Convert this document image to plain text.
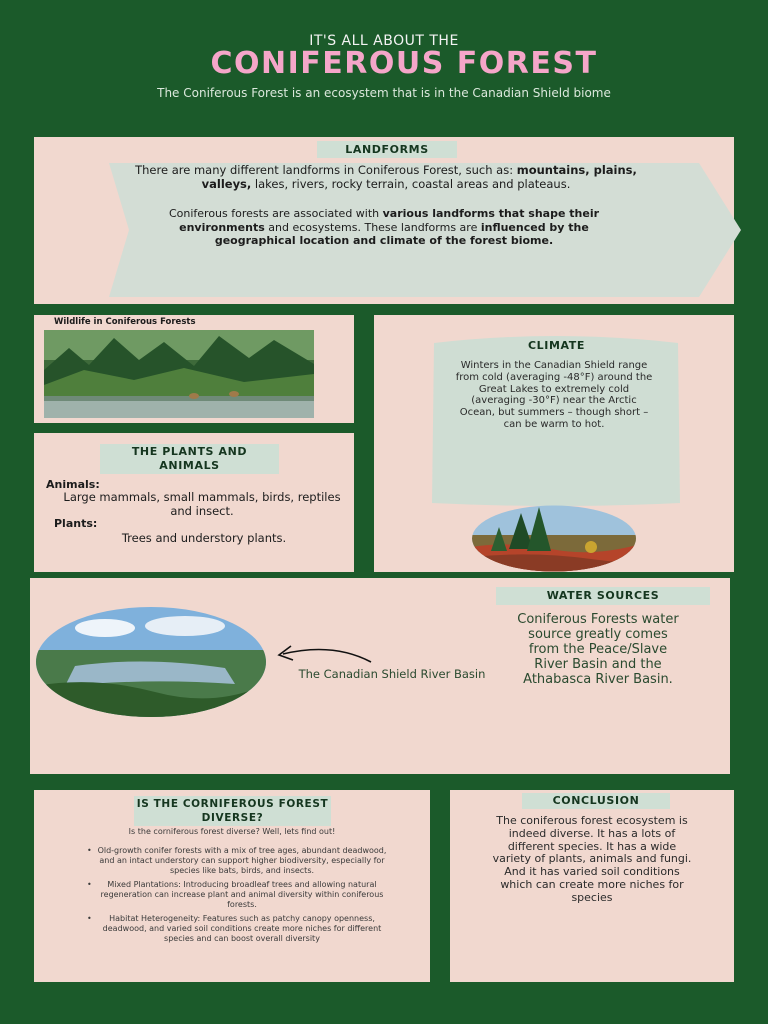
IT'S ALL ABOUT THE
CONIFEROUS FOREST
The Coniferous Forest is an ecosystem that is in the Canadian Shield biome
LANDFORMS
There are many different landforms in Coniferous Forest, such as: mountains, plains, valleys, lakes, rivers, rocky terrain, coastal areas and plateaus.
Coniferous forests are associated with various landforms that shape their environments and ecosystems. These landforms are influenced by the geographical location and climate of the forest biome.
Wildlife in Coniferous Forests
THE PLANTS AND ANIMALS
Animals:
Large mammals, small mammals, birds, reptiles and insect.
Plants:
Trees and understory plants.
CLIMATE
Winters in the Canadian Shield range from cold (averaging -48°F) around the Great Lakes to extremely cold (averaging -30°F) near the Arctic Ocean, but summers – though short – can be warm to hot.
WATER SOURCES
The Canadian Shield River Basin
Coniferous Forests water source greatly comes from the Peace/Slave River Basin and the Athabasca River Basin.
IS THE CORNIFEROUS FOREST DIVERSE?
Is the corniferous forest diverse? Well, lets find out!
• Old-growth conifer forests with a mix of tree ages, abundant deadwood, and an intact understory can support higher biodiversity, especially for species like bats, birds, and insects.
• Mixed Plantations: Introducing broadleaf trees and allowing natural regeneration can increase plant and animal diversity within coniferous forests.
• Habitat Heterogeneity: Features such as patchy canopy openness, deadwood, and varied soil conditions create more niches for different species and can boost overall diversity
CONCLUSION
The coniferous forest ecosystem is indeed diverse. It has a lots of different species. It has a wide variety of plants, animals and fungi. And it has varied soil conditions which can create more niches for species
